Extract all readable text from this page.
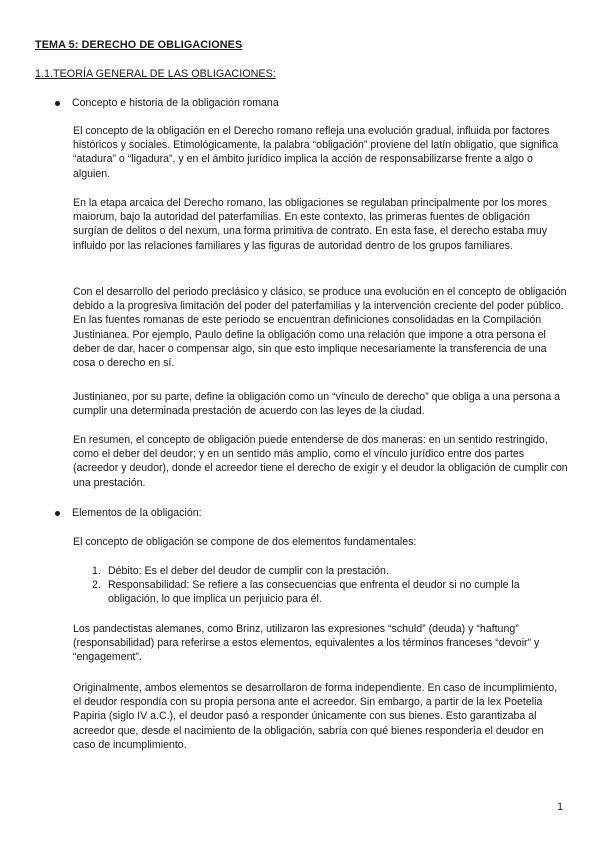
TEMA 5: DERECHO DE OBLIGACIONES
1.1.TEORÍA GENERAL DE LAS OBLIGACIONES:
Concepto e historia de la obligación romana
El concepto de la obligación en el Derecho romano refleja una evolución gradual, influida por factores históricos y sociales. Etimológicamente, la palabra “obligación” proviene del latín obligatio, que significa “atadura” o “ligadura”, y en el ámbito jurídico implica la acción de responsabilizarse frente a algo o alguien.
En la etapa arcaica del Derecho romano, las obligaciones se regulaban principalmente por los mores maiorum, bajo la autoridad del paterfamilias. En este contexto, las primeras fuentes de obligación surgían de delitos o del nexum, una forma primitiva de contrato. En esta fase, el derecho estaba muy influido por las relaciones familiares y las figuras de autoridad dentro de los grupos familiares.
Con el desarrollo del periodo preclásico y clásico, se produce una evolución en el concepto de obligación debido a la progresiva limitación del poder del paterfamilias y la intervención creciente del poder público. En las fuentes romanas de este periodo se encuentran definiciones consolidadas en la Compilación Justinianea. Por ejemplo, Paulo define la obligación como una relación que impone a otra persona el deber de dar, hacer o compensar algo, sin que esto implique necesariamente la transferencia de una cosa o derecho en sí.
Justinianeo, por su parte, define la obligación como un “vínculo de derecho” que obliga a una persona a cumplir una determinada prestación de acuerdo con las leyes de la ciudad.
En resumen, el concepto de obligación puede entenderse de dos maneras: en un sentido restringido, como el deber del deudor; y en un sentido más amplio, como el vínculo jurídico entre dos partes (acreedor y deudor), donde el acreedor tiene el derecho de exigir y el deudor la obligación de cumplir con una prestación.
Elementos de la obligación:
El concepto de obligación se compone de dos elementos fundamentales:
1. Débito: Es el deber del deudor de cumplir con la prestación.
2. Responsabilidad: Se refiere a las consecuencias que enfrenta el deudor si no cumple la obligación, lo que implica un perjuicio para él.
Los pandectistas alemanes, como Brinz, utilizaron las expresiones “schuld” (deuda) y “haftung” (responsabilidad) para referirse a estos elementos, equivalentes a los términos franceses “devoir” y “engagement”.
Originalmente, ambos elementos se desarrollaron de forma independiente. En caso de incumplimiento, el deudor respondía con su propia persona ante el acreedor. Sin embargo, a partir de la lex Poetelia Papiria (siglo IV a.C.), el deudor pasó a responder únicamente con sus bienes. Esto garantizaba al acreedor que, desde el nacimiento de la obligación, sabría con qué bienes respondería el deudor en caso de incumplimiento.
1
